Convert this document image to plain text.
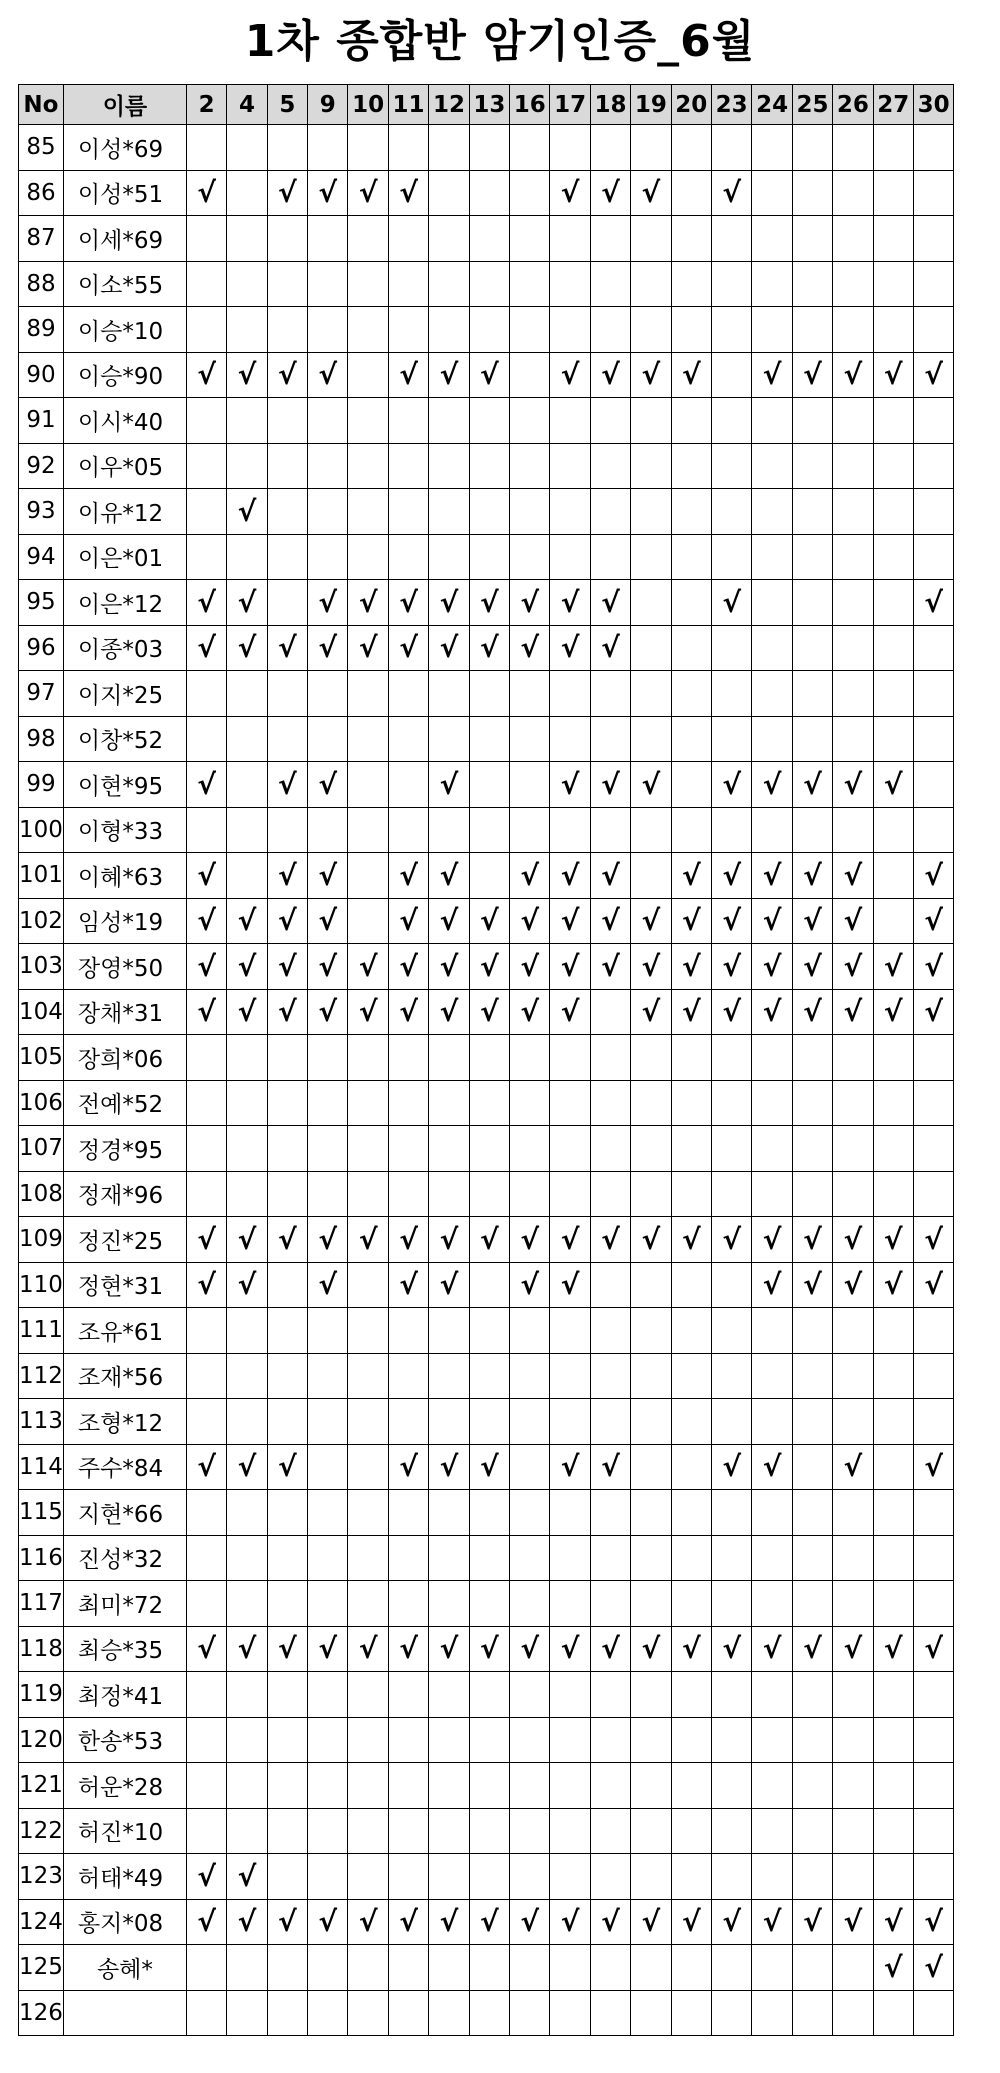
1차 종합반 암기인증_6월
No	이름	2	4	5	9	10	11	12	13	16	17	18	19	20	23	24	25	26	27	30
85	이성*69																			
86	이성*51	√		√	√	√	√				√	√	√		√					
87	이세*69																			
88	이소*55																			
89	이승*10																			
90	이승*90	√	√	√	√		√	√	√		√	√	√	√		√	√	√	√	√
91	이시*40																			
92	이우*05																			
93	이유*12		√																	
94	이은*01																			
95	이은*12	√	√		√	√	√	√	√	√	√	√			√					√
96	이종*03	√	√	√	√	√	√	√	√	√	√	√								
97	이지*25																			
98	이창*52																			
99	이현*95	√		√	√			√			√	√	√		√	√	√	√	√	
100	이형*33																			
101	이혜*63	√		√	√		√	√		√	√	√		√	√	√	√	√		√
102	임성*19	√	√	√	√		√	√	√	√	√	√	√	√	√	√	√	√		√
103	장영*50	√	√	√	√	√	√	√	√	√	√	√	√	√	√	√	√	√	√	√
104	장채*31	√	√	√	√	√	√	√	√	√	√		√	√	√	√	√	√	√	√
105	장희*06																			
106	전예*52																			
107	정경*95																			
108	정재*96																			
109	정진*25	√	√	√	√	√	√	√	√	√	√	√	√	√	√	√	√	√	√	√
110	정현*31	√	√		√		√	√		√	√					√	√	√	√	√
111	조유*61																			
112	조재*56																			
113	조형*12																			
114	주수*84	√	√	√			√	√	√		√	√			√	√		√		√
115	지현*66																			
116	진성*32																			
117	최미*72																			
118	최승*35	√	√	√	√	√	√	√	√	√	√	√	√	√	√	√	√	√	√	√
119	최정*41																			
120	한송*53																			
121	허운*28																			
122	허진*10																			
123	허태*49	√	√																	
124	홍지*08	√	√	√	√	√	√	√	√	√	√	√	√	√	√	√	√	√	√	√
125	송혜*																		√	√
126																				
